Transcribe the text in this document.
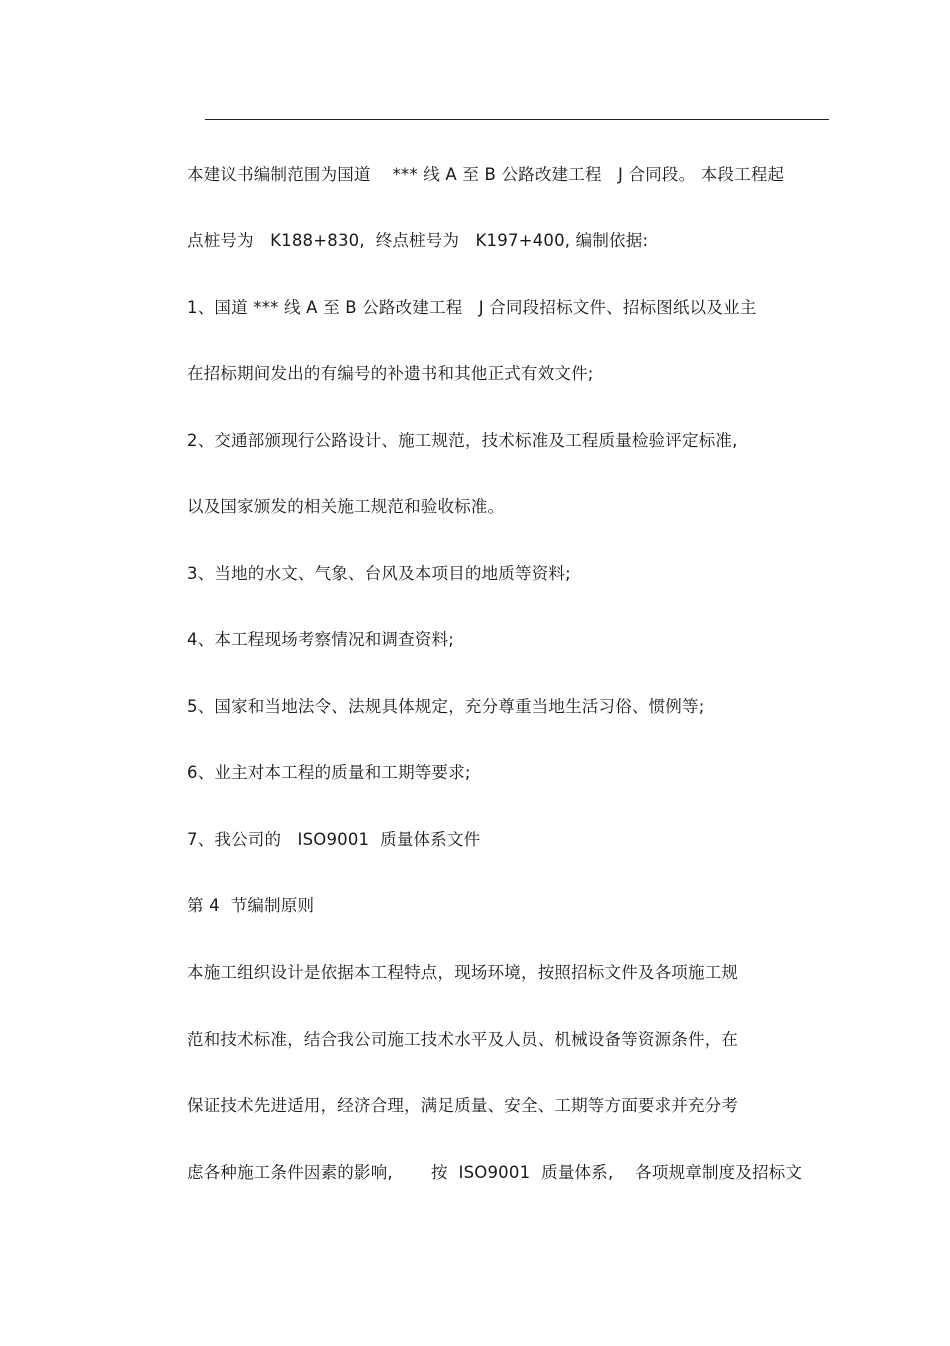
本建议书编制范围为国道    *** 线 A 至 B 公路改建工程   J 合同段。 本段工程起
点桩号为   K188+830,  终点桩号为   K197+400, 编制依据:
1、国道 *** 线 A 至 B 公路改建工程   J 合同段招标文件、招标图纸以及业主
在招标期间发出的有编号的补遗书和其他正式有效文件;
2、交通部颁现行公路设计、施工规范，技术标准及工程质量检验评定标准,
以及国家颁发的相关施工规范和验收标准。
3、当地的水文、气象、台风及本项目的地质等资料;
4、本工程现场考察情况和调查资料;
5、国家和当地法令、法规具体规定，充分尊重当地生活习俗、惯例等;
6、业主对本工程的质量和工期等要求;
7、我公司的   ISO9001  质量体系文件
第 4  节编制原则
本施工组织设计是依据本工程特点，现场环境，按照招标文件及各项施工规
范和技术标准，结合我公司施工技术水平及人员、机械设备等资源条件，在
保证技术先进适用，经济合理，满足质量、安全、工期等方面要求并充分考
虑各种施工条件因素的影响,       按  ISO9001  质量体系,    各项规章制度及招标文
